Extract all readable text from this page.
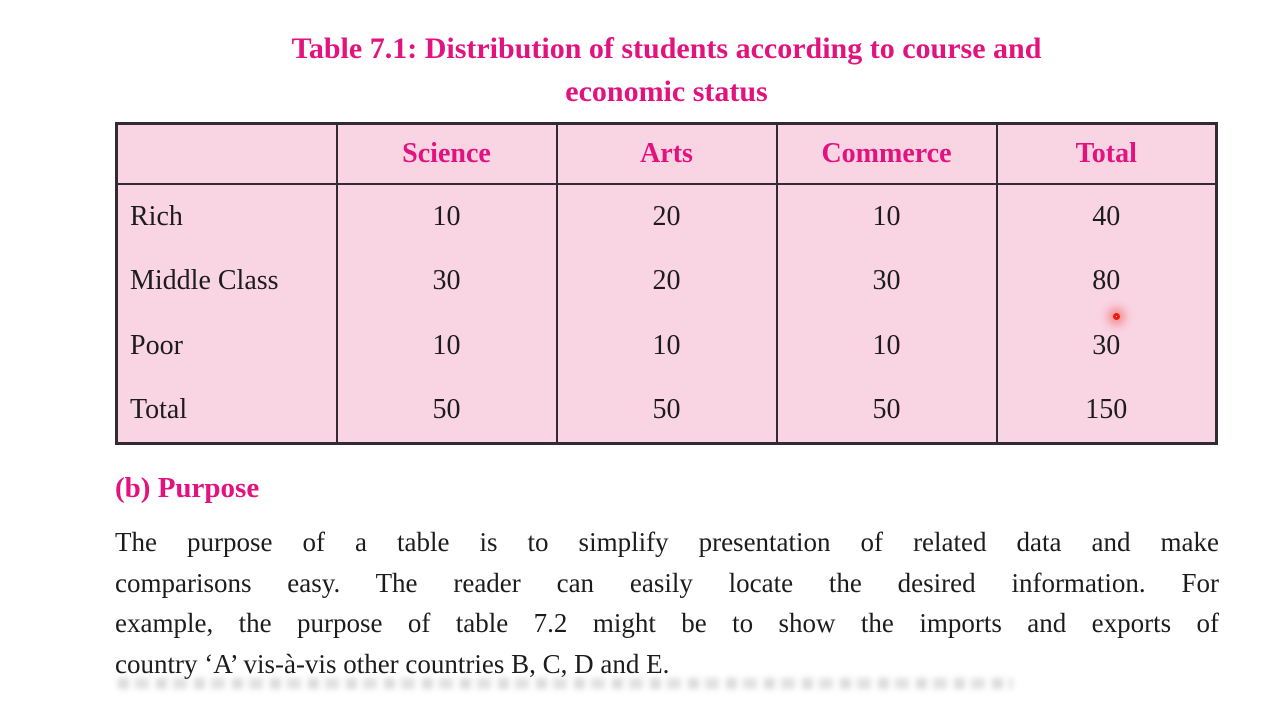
Table 7.1: Distribution of students according to course and
economic status
	Science	Arts	Commerce	Total
Rich	10	20	10	40
Middle Class	30	20	30	80
Poor	10	10	10	30
Total	50	50	50	150
(b) Purpose
The purpose of a table is to simplify presentation of related data and make
comparisons easy. The reader can easily locate the desired information. For
example, the purpose of table 7.2 might be to show the imports and exports of
country ‘A’ vis-à-vis other countries B, C, D and E.
